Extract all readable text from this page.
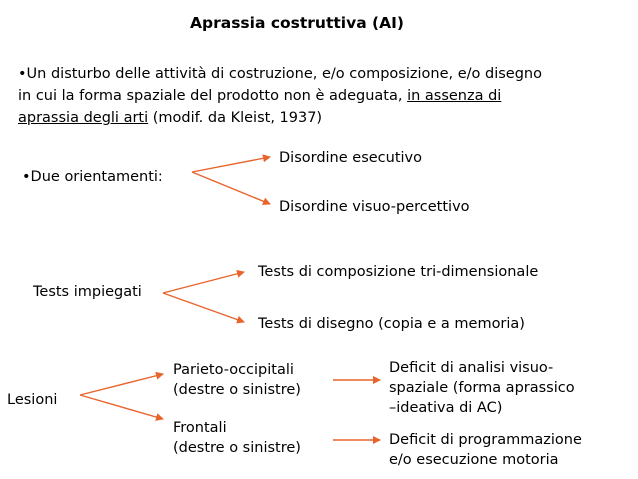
Aprassia costruttiva (AI)
•Un disturbo delle attività di costruzione, e/o composizione, e/o disegno
in cui la forma spaziale del prodotto non è adeguata, in assenza di
aprassia degli arti (modif. da Kleist, 1937)
•Due orientamenti:
Disordine esecutivo
Disordine visuo-percettivo
Tests impiegati
Tests di composizione tri-dimensionale
Tests di disegno (copia e a memoria)
Lesioni
Parieto-occipitali
(destre o sinistre)
Frontali
(destre o sinistre)
Deficit di analisi visuo-
spaziale (forma aprassico
–ideativa di AC)
Deficit di programmazione
e/o esecuzione motoria
